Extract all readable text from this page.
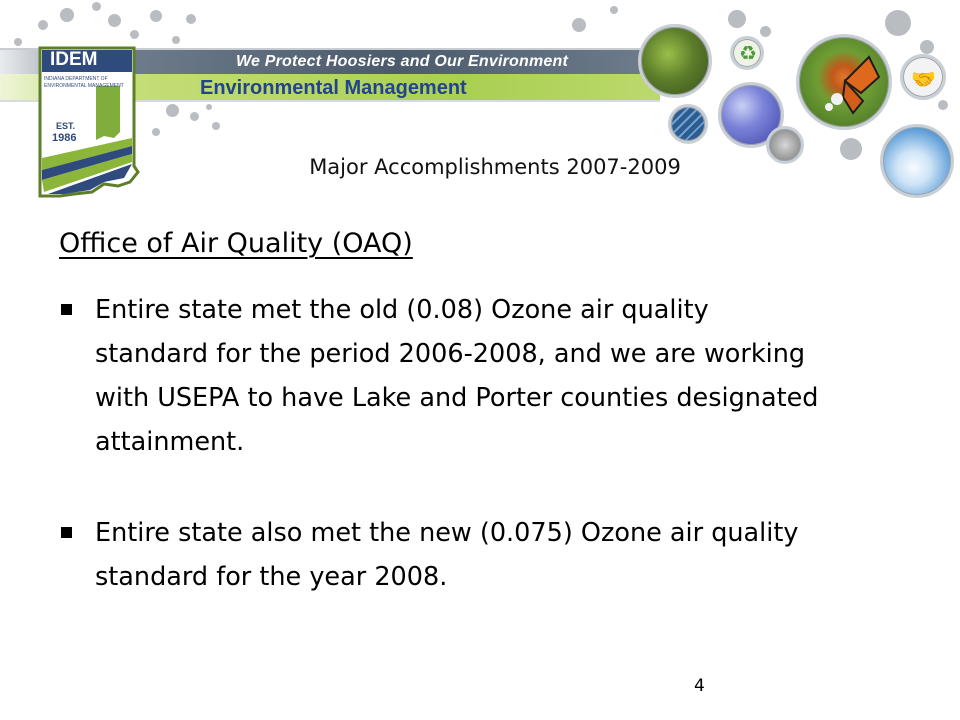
We Protect Hoosiers and Our Environment
Environmental Management
IDEM
INDIANA DEPARTMENT OF
ENVIRONMENTAL MANAGEMENT
EST.
1986
♻
🤝
Major Accomplishments 2007-2009
Office of Air Quality (OAQ)
Entire state met the old (0.08) Ozone air quality standard for the period 2006-2008, and we are working with USEPA to have Lake and Porter counties designated attainment.
Entire state also met the new (0.075) Ozone air quality standard for the year 2008.
4
